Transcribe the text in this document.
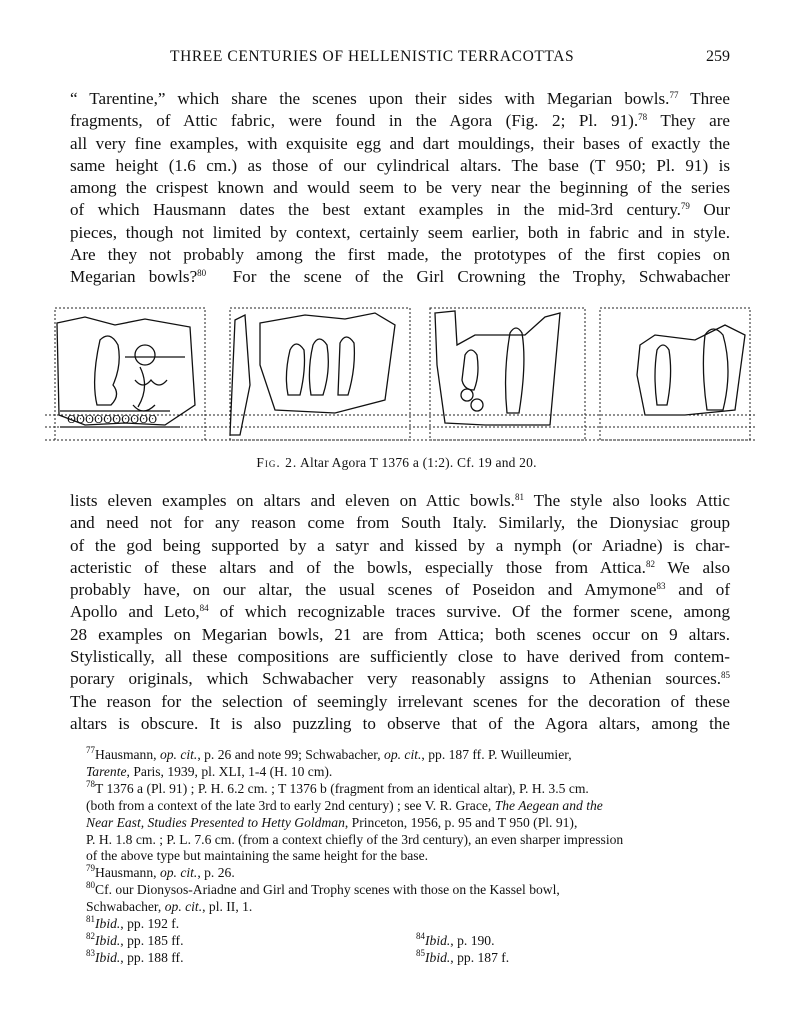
THREE CENTURIES OF HELLENISTIC TERRACOTTAS	259
“ Tarentine,” which share the scenes upon their sides with Megarian bowls.$^{77}$ Three
fragments, of Attic fabric, were found in the Agora (Fig. 2; Pl. 91).$^{78}$ They are
all very fine examples, with exquisite egg and dart mouldings, their bases of exactly the
same height (1.6 cm.) as those of our cylindrical altars. The base (T 950; Pl. 91) is
among the crispest known and would seem to be very near the beginning of the series
of which Hausmann dates the best extant examples in the mid-3rd century.$^{79}$ Our
pieces, though not limited by context, certainly seem earlier, both in fabric and in style.
Are they not probably among the first made, the prototypes of the first copies on
Megarian bowls?$^{80}$ For the scene of the Girl Crowning the Trophy, Schwabacher
ʘʘʘʘʘʘʘʘʘʘ
Fig. 2. Altar Agora T 1376 a (1:2). Cf. 19 and 20.
lists eleven examples on altars and eleven on Attic bowls.$^{81}$ The style also looks Attic
and need not for any reason come from South Italy. Similarly, the Dionysiac group
of the god being supported by a satyr and kissed by a nymph (or Ariadne) is char-
acteristic of these altars and of the bowls, especially those from Attica.$^{82}$ We also
probably have, on our altar, the usual scenes of Poseidon and Amymone$^{83}$ and of
Apollo and Leto,$^{84}$ of which recognizable traces survive. Of the former scene, among
28 examples on Megarian bowls, 21 are from Attica; both scenes occur on 9 altars.
Stylistically, all these compositions are sufficiently close to have derived from contem-
porary originals, which Schwabacher very reasonably assigns to Athenian sources.$^{85}$
The reason for the selection of seemingly irrelevant scenes for the decoration of these
altars is obscure. It is also puzzling to observe that of the Agora altars, among the

$^{77}$Hausmann, op. cit., p. 26 and note 99; Schwabacher, op. cit., pp. 187 ff. P. Wuilleumier,
Tarente, Paris, 1939, pl. XLI, 1-4 (H. 10 cm).

$^{78}$T 1376 a (Pl. 91) ; P. H. 6.2 cm. ; T 1376 b (fragment from an identical altar), P. H. 3.5 cm.
(both from a context of the late 3rd to early 2nd century) ; see V. R. Grace, The Aegean and the
Near East, Studies Presented to Hetty Goldman, Princeton, 1956, p. 95 and T 950 (Pl. 91),
P. H. 1.8 cm. ; P. L. 7.6 cm. (from a context chiefly of the 3rd century), an even sharper impression
of the above type but maintaining the same height for the base.

$^{79}$Hausmann, op. cit., p. 26.

$^{80}$Cf. our Dionysos-Ariadne and Girl and Trophy scenes with those on the Kassel bowl,
Schwabacher, op. cit., pl. II, 1.

$^{81}$Ibid., pp. 192 f.

$^{82}$Ibid., pp. 185 ff.	$^{84}$Ibid., p. 190.

$^{83}$Ibid., pp. 188 ff.	$^{85}$Ibid., pp. 187 f.
